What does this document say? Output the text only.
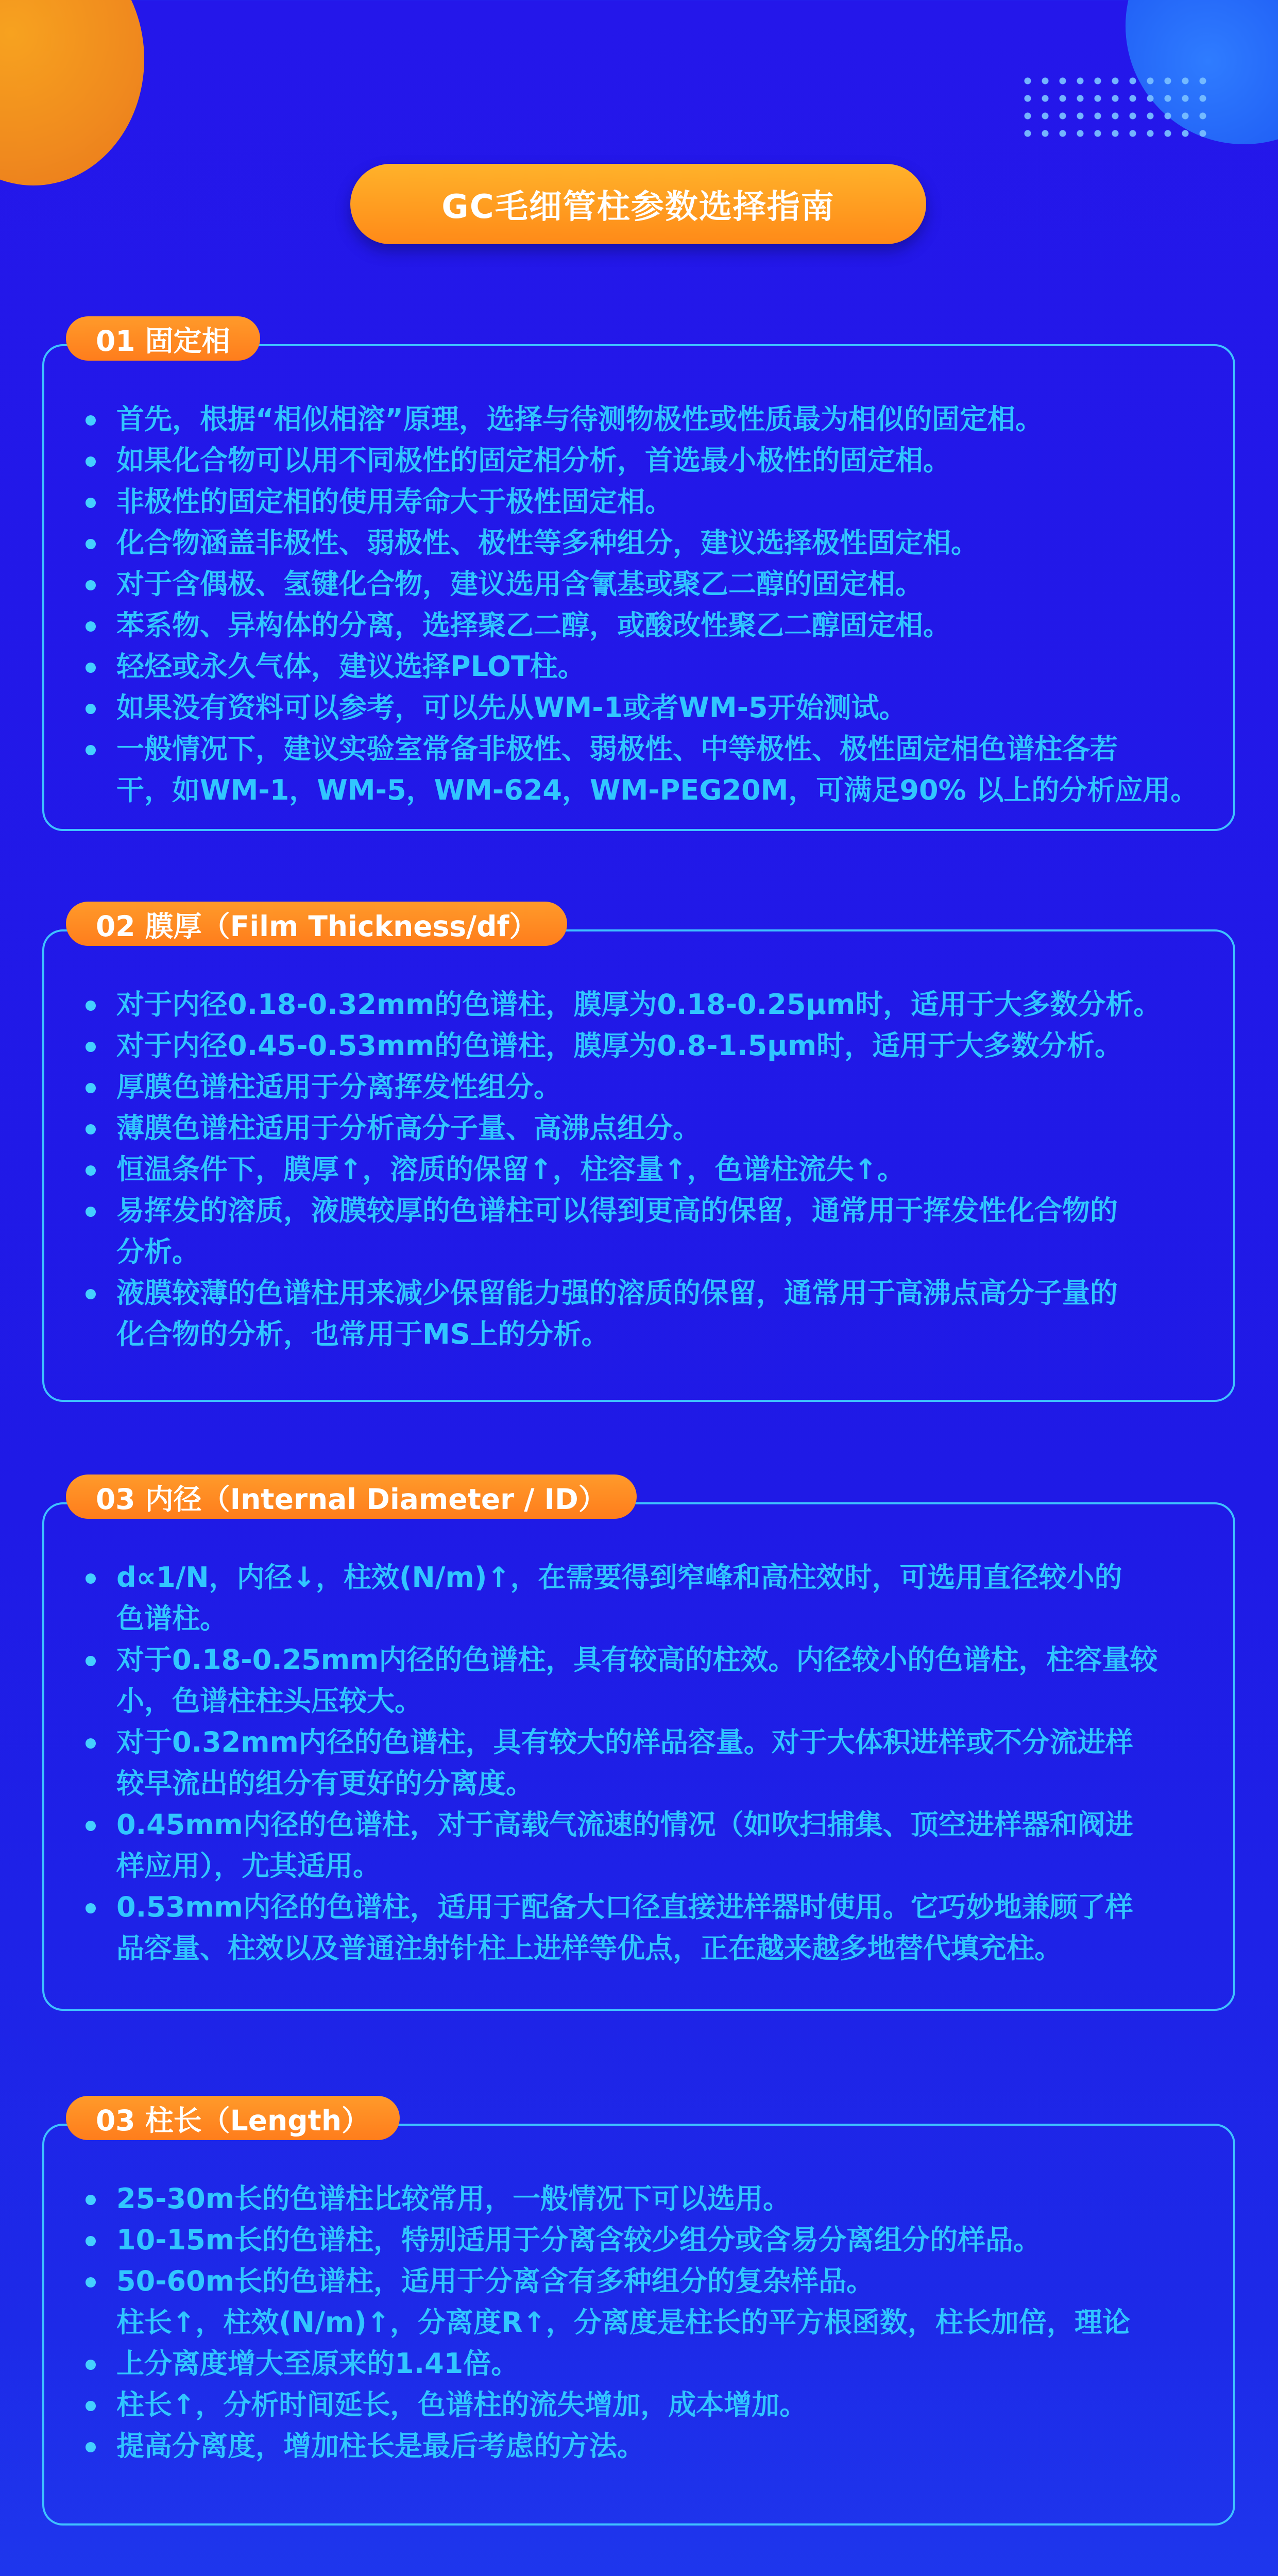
GC毛细管柱参数选择指南
首先，根据“相似相溶”原理，选择与待测物极性或性质最为相似的固定相。
如果化合物可以用不同极性的固定相分析，首选最小极性的固定相。
非极性的固定相的使用寿命大于极性固定相。
化合物涵盖非极性、弱极性、极性等多种组分，建议选择极性固定相。
对于含偶极、氢键化合物，建议选用含氰基或聚乙二醇的固定相。
苯系物、异构体的分离，选择聚乙二醇，或酸改性聚乙二醇固定相。
轻烃或永久气体，建议选择PLOT柱。
如果没有资料可以参考，可以先从WM-1或者WM-5开始测试。
一般情况下，建议实验室常备非极性、弱极性、中等极性、极性固定相色谱柱各若
干，如WM-1，WM-5，WM-624，WM-PEG20M，可满足90% 以上的分析应用。
01 固定相
对于内径0.18-0.32mm的色谱柱，膜厚为0.18-0.25μm时，适用于大多数分析。
对于内径0.45-0.53mm的色谱柱，膜厚为0.8-1.5μm时，适用于大多数分析。
厚膜色谱柱适用于分离挥发性组分。
薄膜色谱柱适用于分析高分子量、高沸点组分。
恒温条件下，膜厚↑，溶质的保留↑，柱容量↑，色谱柱流失↑。
易挥发的溶质，液膜较厚的色谱柱可以得到更高的保留，通常用于挥发性化合物的
分析。
液膜较薄的色谱柱用来减少保留能力强的溶质的保留，通常用于高沸点高分子量的
化合物的分析，也常用于MS上的分析。
02 膜厚（Film Thickness/df）
d∝1/N，内径↓，柱效(N/m)↑，在需要得到窄峰和高柱效时，可选用直径较小的
色谱柱。
对于0.18-0.25mm内径的色谱柱，具有较高的柱效。内径较小的色谱柱，柱容量较
小，色谱柱柱头压较大。
对于0.32mm内径的色谱柱，具有较大的样品容量。对于大体积进样或不分流进样
较早流出的组分有更好的分离度。
0.45mm内径的色谱柱，对于高载气流速的情况（如吹扫捕集、顶空进样器和阀进
样应用），尤其适用。
0.53mm内径的色谱柱，适用于配备大口径直接进样器时使用。它巧妙地兼顾了样
品容量、柱效以及普通注射针柱上进样等优点，正在越来越多地替代填充柱。
03 内径（Internal Diameter / ID）
25-30m长的色谱柱比较常用，一般情况下可以选用。
10-15m长的色谱柱，特别适用于分离含较少组分或含易分离组分的样品。
50-60m长的色谱柱，适用于分离含有多种组分的复杂样品。
柱长↑，柱效(N/m)↑，分离度R↑，分离度是柱长的平方根函数，柱长加倍，理论
上分离度增大至原来的1.41倍。
柱长↑，分析时间延长，色谱柱的流失增加，成本增加。
提高分离度，增加柱长是最后考虑的方法。
03 柱长（Length）
